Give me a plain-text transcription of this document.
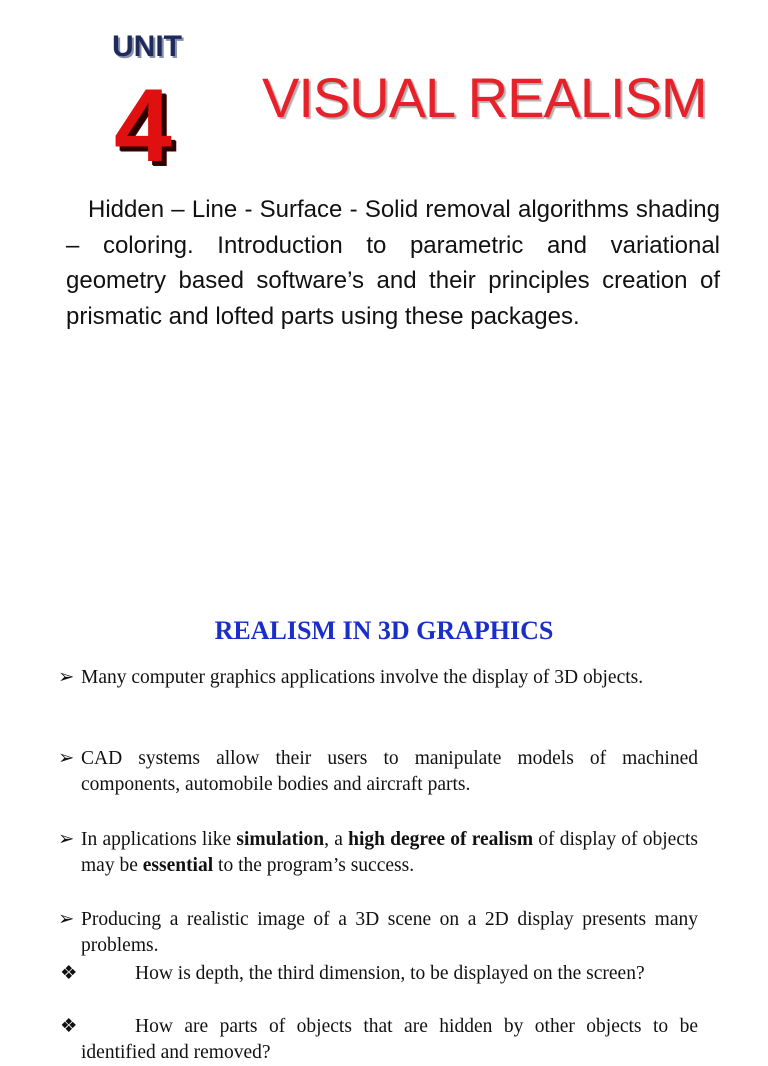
UNIT
4 VISUAL REALISM

Hidden – Line - Surface - Solid removal algorithms shading – coloring. Introduction to parametric and variational geometry based software’s and their principles creation of prismatic and lofted parts using these packages.

REALISM IN 3D GRAPHICS
➢ Many computer graphics applications involve the display of 3D objects.
➢ CAD systems allow their users to manipulate models of machined components, automobile bodies and aircraft parts.
➢ In applications like simulation, a high degree of realism of display of objects may be essential to the program’s success.
➢ Producing a realistic image of a 3D scene on a 2D display presents many problems.
❖	How is depth, the third dimension, to be displayed on the screen?
❖	How are parts of objects that are hidden by other objects to be identified and removed?
